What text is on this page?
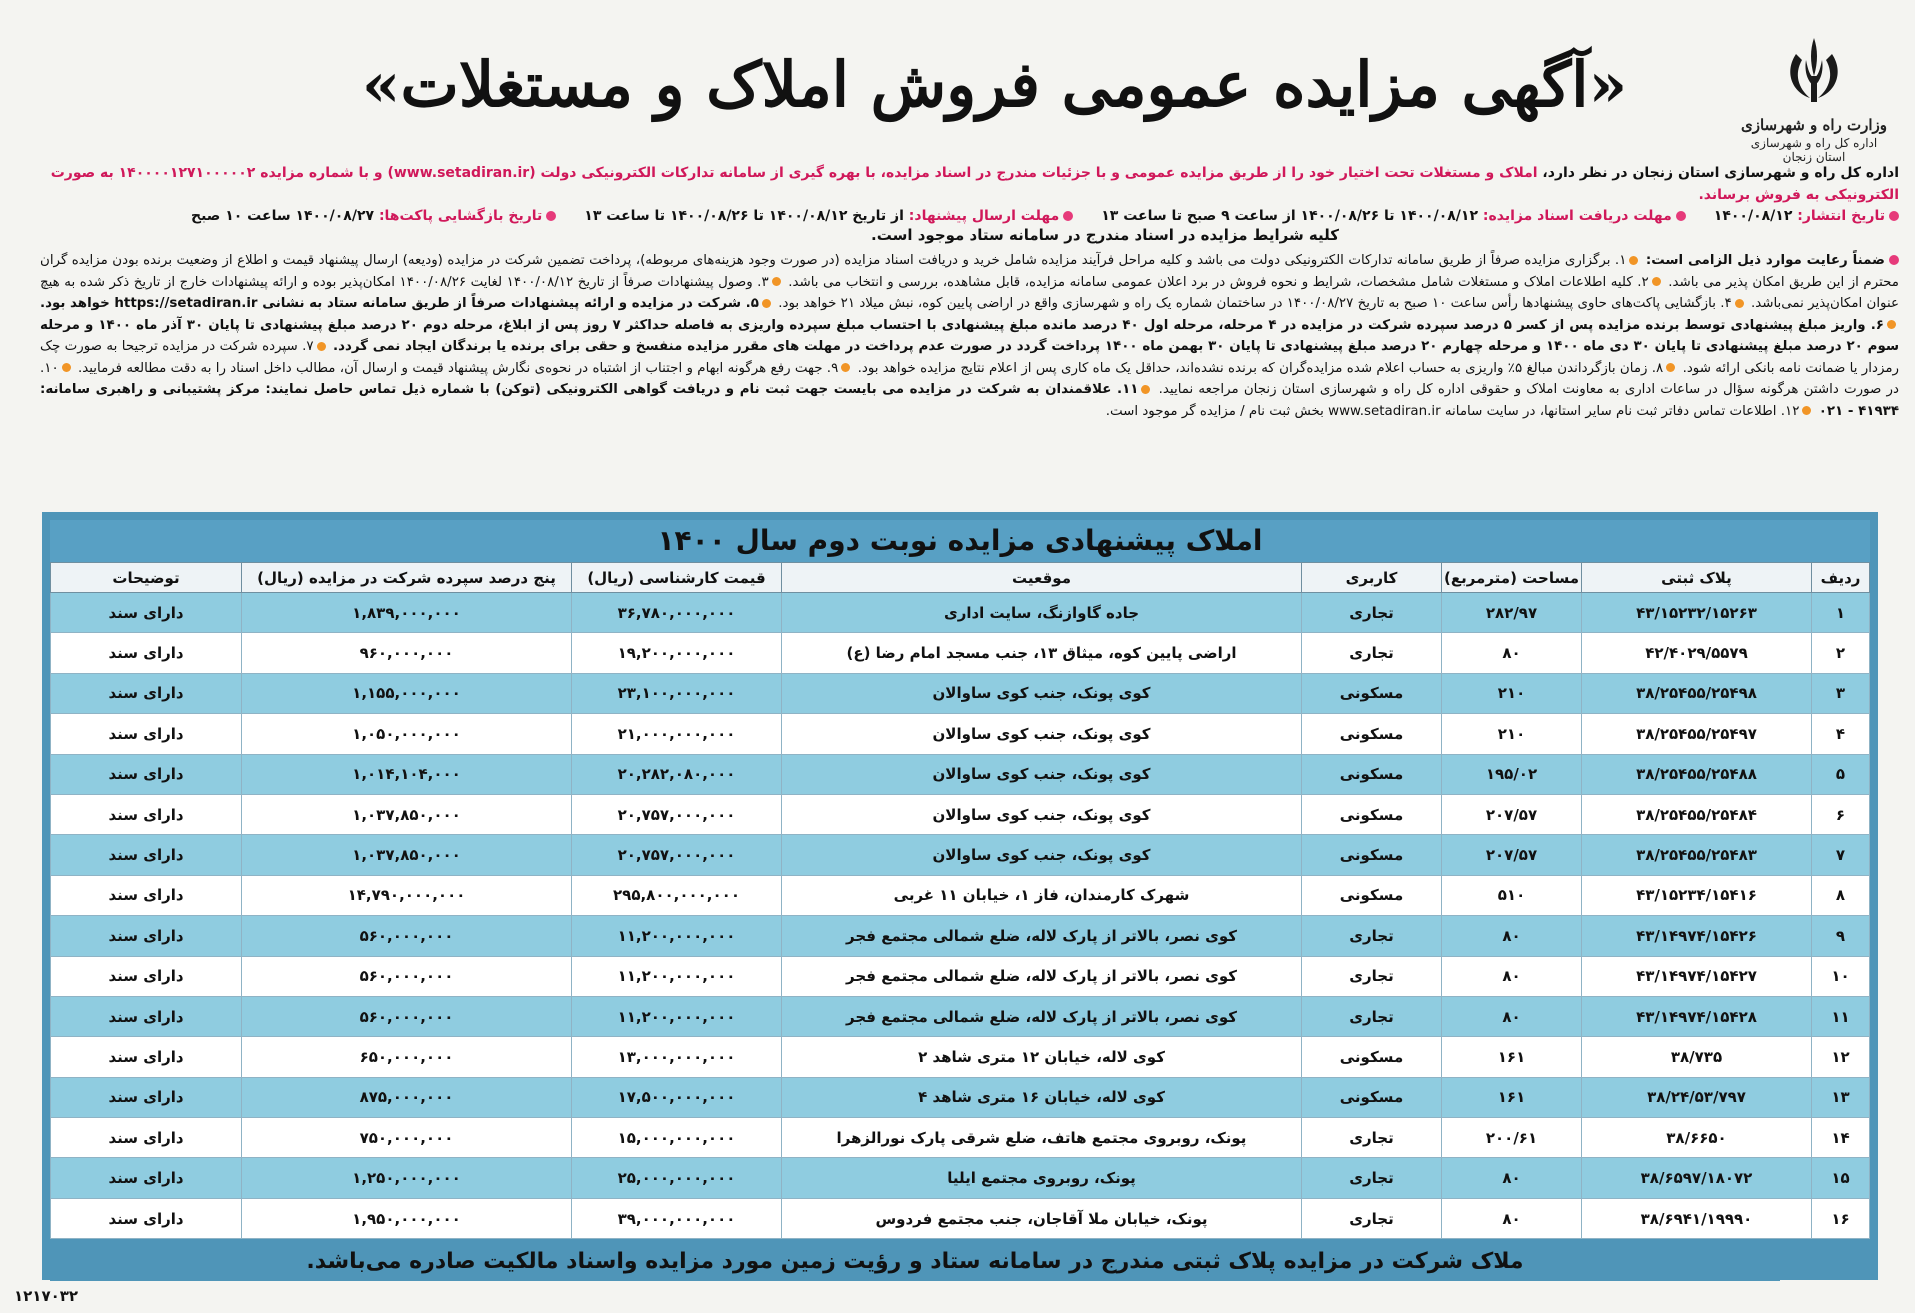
وزارت راه و شهرسازی
اداره کل راه و شهرسازی استان زنجان
«آگهی مزایده عمومی فروش املاک و مستغلات»
اداره کل راه و شهرسازی استان زنجان در نظر دارد، املاک و مستغلات تحت اختیار خود را از طریق مزایده عمومی و با جزئیات مندرج در اسناد مزایده، با بهره گیری از سامانه تدارکات الکترونیکی دولت (www.setadiran.ir) و با شماره مزایده ۱۴۰۰۰۰۱۲۷۱۰۰۰۰۰۲ به صورت الکترونیکی به فروش برساند.
تاریخ انتشار: ۱۴۰۰/۰۸/۱۲
مهلت دریافت اسناد مزایده: ۱۴۰۰/۰۸/۱۲ تا ۱۴۰۰/۰۸/۲۶ از ساعت ۹ صبح تا ساعت ۱۳
مهلت ارسال پیشنهاد: از تاریخ ۱۴۰۰/۰۸/۱۲ تا ۱۴۰۰/۰۸/۲۶ تا ساعت ۱۳
تاریخ بازگشایی پاکت‌ها: ۱۴۰۰/۰۸/۲۷ ساعت ۱۰ صبح
کلیه شرایط مزایده در اسناد مندرج در سامانه ستاد موجود است.
ضمناً رعایت موارد ذیل الزامی است: ۱. برگزاری مزایده صرفاً از طریق سامانه تدارکات الکترونیکی دولت می باشد و کلیه مراحل فرآیند مزایده شامل خرید و دریافت اسناد مزایده (در صورت وجود هزینه‌های مربوطه)، پرداخت تضمین شرکت در مزایده (ودیعه) ارسال پیشنهاد قیمت و اطلاع از وضعیت برنده بودن مزایده گران محترم از این طریق امکان پذیر می باشد. ۲. کلیه اطلاعات املاک و مستغلات شامل مشخصات، شرایط و نحوه فروش در برد اعلان عمومی سامانه مزایده، قابل مشاهده، بررسی و انتخاب می باشد. ۳. وصول پیشنهادات صرفاً از تاریخ ۱۴۰۰/۰۸/۱۲ لغایت ۱۴۰۰/۰۸/۲۶ امکان‌پذیر بوده و ارائه پیشنهادات خارج از تاریخ ذکر شده به هیچ عنوان امکان‌پذیر نمی‌باشد. ۴. بازگشایی پاکت‌های حاوی پیشنهادها رأس ساعت ۱۰ صبح به تاریخ ۱۴۰۰/۰۸/۲۷ در ساختمان شماره یک راه و شهرسازی واقع در اراضی پایین کوه، نبش میلاد ۲۱ خواهد بود. ۵. شرکت در مزایده و ارائه پیشنهادات صرفاً از طریق سامانه ستاد به نشانی https://setadiran.ir خواهد بود. ۶. واریز مبلغ پیشنهادی توسط برنده مزایده پس از کسر ۵ درصد سپرده شرکت در مزایده در ۴ مرحله، مرحله اول ۴۰ درصد مانده مبلغ پیشنهادی با احتساب مبلغ سپرده واریزی به فاصله حداکثر ۷ روز پس از ابلاغ، مرحله دوم ۲۰ درصد مبلغ پیشنهادی تا پایان ۳۰ آذر ماه ۱۴۰۰ و مرحله سوم ۲۰ درصد مبلغ پیشنهادی تا پایان ۳۰ دی ماه ۱۴۰۰ و مرحله چهارم ۲۰ درصد مبلغ پیشنهادی تا پایان ۳۰ بهمن ماه ۱۴۰۰ پرداخت گردد در صورت عدم پرداخت در مهلت های مقرر مزایده منفسخ و حقی برای برنده یا برندگان ایجاد نمی گردد. ۷. سپرده شرکت در مزایده ترجیحا به صورت چک رمزدار یا ضمانت نامه بانکی ارائه شود. ۸. زمان بازگرداندن مبالغ ۵٪ واریزی به حساب اعلام شده مزایده‌گران که برنده نشده‌اند، حداقل یک ماه کاری پس از اعلام نتایج مزایده خواهد بود. ۹. جهت رفع هرگونه ابهام و اجتناب از اشتباه در نحوه‌ی نگارش پیشنهاد قیمت و ارسال آن، مطالب داخل اسناد را به دقت مطالعه فرمایید. ۱۰. در صورت داشتن هرگونه سؤال در ساعات اداری به معاونت املاک و حقوقی اداره کل راه و شهرسازی استان زنجان مراجعه نمایید. ۱۱. علاقمندان به شرکت در مزایده می بایست جهت ثبت نام و دریافت گواهی الکترونیکی (توکن) با شماره ذیل تماس حاصل نمایند: مرکز پشتیبانی و راهبری سامانه: ۴۱۹۳۴ - ۰۲۱ ۱۲. اطلاعات تماس دفاتر ثبت نام سایر استانها، در سایت سامانه www.setadiran.ir بخش ثبت نام / مزایده گر موجود است.
املاک پیشنهادی مزایده نوبت دوم سال ۱۴۰۰
ردیف	پلاک ثبتی	مساحت (مترمربع)	کاربری	موقعیت	قیمت کارشناسی (ریال)	پنج درصد سپرده شرکت در مزایده (ریال)	توضیحات
۱	۴۳/۱۵۲۳۲/۱۵۲۶۳	۲۸۲/۹۷	تجاری	جاده گاوازنگ، سایت اداری	۳۶,۷۸۰,۰۰۰,۰۰۰	۱,۸۳۹,۰۰۰,۰۰۰	دارای سند
۲	۴۲/۴۰۲۹/۵۵۷۹	۸۰	تجاری	اراضی پایین کوه، میثاق ۱۳، جنب مسجد امام رضا (ع)	۱۹,۲۰۰,۰۰۰,۰۰۰	۹۶۰,۰۰۰,۰۰۰	دارای سند
۳	۳۸/۲۵۴۵۵/۲۵۴۹۸	۲۱۰	مسکونی	کوی پونک، جنب کوی ساوالان	۲۳,۱۰۰,۰۰۰,۰۰۰	۱,۱۵۵,۰۰۰,۰۰۰	دارای سند
۴	۳۸/۲۵۴۵۵/۲۵۴۹۷	۲۱۰	مسکونی	کوی پونک، جنب کوی ساوالان	۲۱,۰۰۰,۰۰۰,۰۰۰	۱,۰۵۰,۰۰۰,۰۰۰	دارای سند
۵	۳۸/۲۵۴۵۵/۲۵۴۸۸	۱۹۵/۰۲	مسکونی	کوی پونک، جنب کوی ساوالان	۲۰,۲۸۲,۰۸۰,۰۰۰	۱,۰۱۴,۱۰۴,۰۰۰	دارای سند
۶	۳۸/۲۵۴۵۵/۲۵۴۸۴	۲۰۷/۵۷	مسکونی	کوی پونک، جنب کوی ساوالان	۲۰,۷۵۷,۰۰۰,۰۰۰	۱,۰۳۷,۸۵۰,۰۰۰	دارای سند
۷	۳۸/۲۵۴۵۵/۲۵۴۸۳	۲۰۷/۵۷	مسکونی	کوی پونک، جنب کوی ساوالان	۲۰,۷۵۷,۰۰۰,۰۰۰	۱,۰۳۷,۸۵۰,۰۰۰	دارای سند
۸	۴۳/۱۵۲۳۴/۱۵۴۱۶	۵۱۰	مسکونی	شهرک کارمندان، فاز ۱، خیابان ۱۱ غربی	۲۹۵,۸۰۰,۰۰۰,۰۰۰	۱۴,۷۹۰,۰۰۰,۰۰۰	دارای سند
۹	۴۳/۱۴۹۷۴/۱۵۴۲۶	۸۰	تجاری	کوی نصر، بالاتر از پارک لاله، ضلع شمالی مجتمع فجر	۱۱,۲۰۰,۰۰۰,۰۰۰	۵۶۰,۰۰۰,۰۰۰	دارای سند
۱۰	۴۳/۱۴۹۷۴/۱۵۴۲۷	۸۰	تجاری	کوی نصر، بالاتر از پارک لاله، ضلع شمالی مجتمع فجر	۱۱,۲۰۰,۰۰۰,۰۰۰	۵۶۰,۰۰۰,۰۰۰	دارای سند
۱۱	۴۳/۱۴۹۷۴/۱۵۴۲۸	۸۰	تجاری	کوی نصر، بالاتر از پارک لاله، ضلع شمالی مجتمع فجر	۱۱,۲۰۰,۰۰۰,۰۰۰	۵۶۰,۰۰۰,۰۰۰	دارای سند
۱۲	۳۸/۷۳۵	۱۶۱	مسکونی	کوی لاله، خیابان ۱۲ متری شاهد ۲	۱۳,۰۰۰,۰۰۰,۰۰۰	۶۵۰,۰۰۰,۰۰۰	دارای سند
۱۳	۳۸/۲۴/۵۳/۷۹۷	۱۶۱	مسکونی	کوی لاله، خیابان ۱۶ متری شاهد ۴	۱۷,۵۰۰,۰۰۰,۰۰۰	۸۷۵,۰۰۰,۰۰۰	دارای سند
۱۴	۳۸/۶۶۵۰	۲۰۰/۶۱	تجاری	پونک، روبروی مجتمع هاتف، ضلع شرقی پارک نورالزهرا	۱۵,۰۰۰,۰۰۰,۰۰۰	۷۵۰,۰۰۰,۰۰۰	دارای سند
۱۵	۳۸/۶۵۹۷/۱۸۰۷۲	۸۰	تجاری	پونک، روبروی مجتمع ایلیا	۲۵,۰۰۰,۰۰۰,۰۰۰	۱,۲۵۰,۰۰۰,۰۰۰	دارای سند
۱۶	۳۸/۶۹۴۱/۱۹۹۹۰	۸۰	تجاری	پونک، خیابان ملا آقاجان، جنب مجتمع فردوس	۳۹,۰۰۰,۰۰۰,۰۰۰	۱,۹۵۰,۰۰۰,۰۰۰	دارای سند
ملاک شرکت در مزایده پلاک ثبتی مندرج در سامانه ستاد و رؤیت زمین مورد مزایده واسناد مالکیت صادره می‌باشد.
۱۲۱۷۰۳۲
